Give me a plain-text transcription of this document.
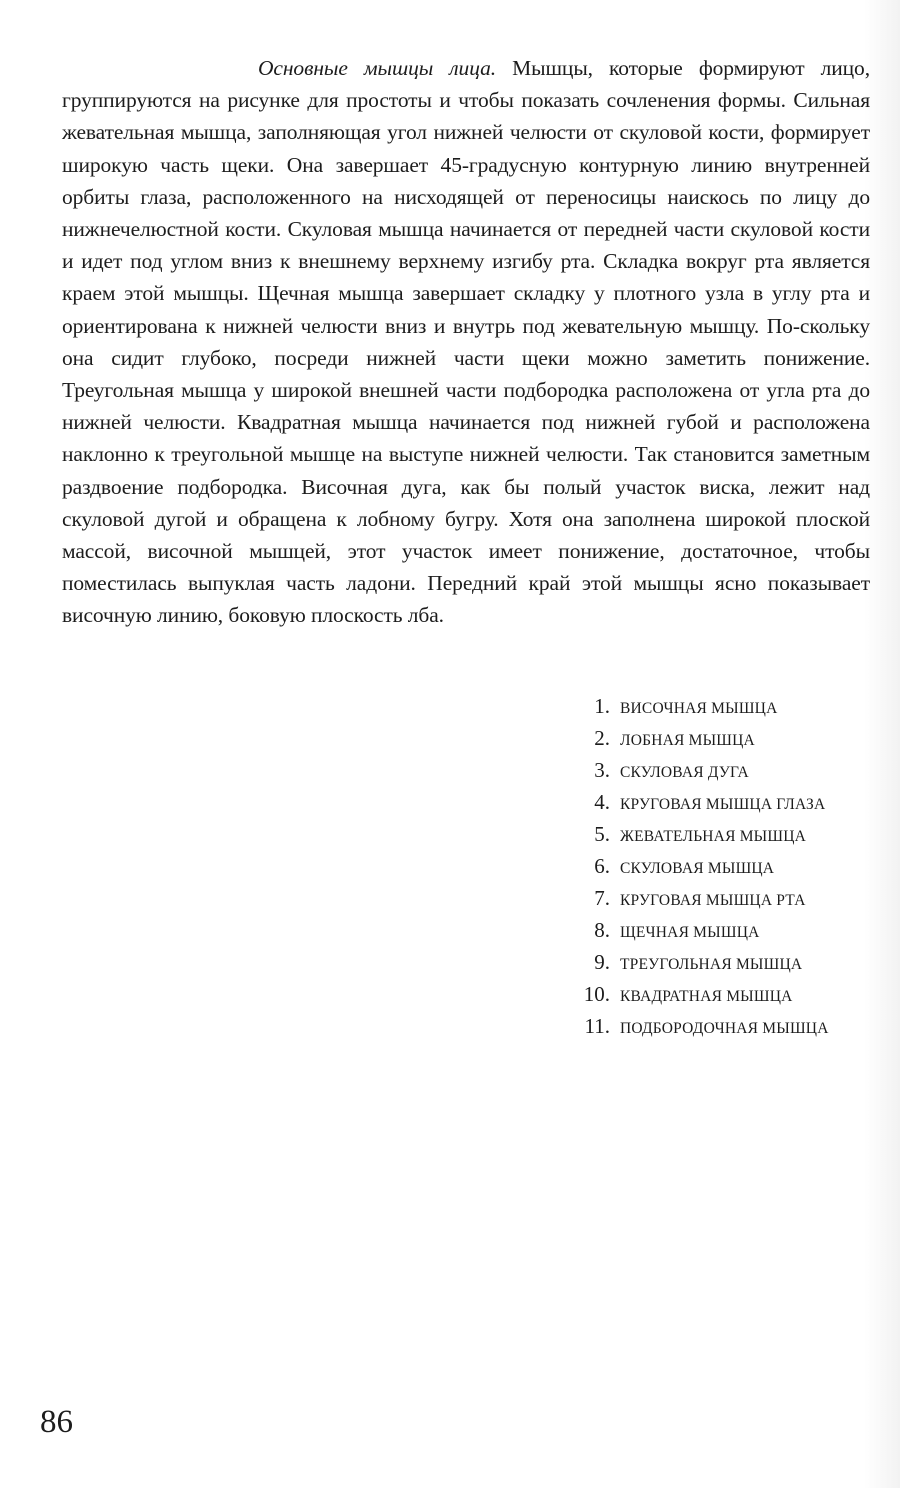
Основные мышцы лица. Мышцы, которые формируют лицо, группируются на рисунке для простоты и чтобы показать сочленения формы. Сильная жевательная мышца, заполняющая угол нижней челюсти от скуловой кости, формирует широкую часть щеки. Она завершает 45-градусную контурную линию внутренней орбиты глаза, расположенного на нисходящей от переносицы наискось по лицу до нижнечелюстной кости. Скуловая мышца начинается от передней части скуловой кости и идет под углом вниз к внешнему верхнему изгибу рта. Складка вокруг рта является краем этой мышцы. Щечная мышца завершает складку у плотного узла в углу рта и ориентирована к нижней челюсти вниз и внутрь под жевательную мышцу. По-скольку она сидит глубоко, посреди нижней части щеки можно заметить понижение. Треугольная мышца у широкой внешней части подбородка расположена от угла рта до нижней челюсти. Квадратная мышца начинается под нижней губой и расположена наклонно к треугольной мышце на выступе нижней челюсти. Так становится заметным раздвоение подбородка. Височная дуга, как бы полый участок виска, лежит над скуловой дугой и обращена к лобному бугру. Хотя она заполнена широкой плоской массой, височной мышцей, этот участок имеет понижение, достаточное, чтобы поместилась выпуклая часть ладони. Передний край этой мышцы ясно показывает височную линию, боковую плоскость лба.

1. ВИСОЧНАЯ МЫШЦА
2. ЛОБНАЯ МЫШЦА
3. СКУЛОВАЯ ДУГА
4. КРУГОВАЯ МЫШЦА ГЛАЗА
5. ЖЕВАТЕЛЬНАЯ МЫШЦА
6. СКУЛОВАЯ МЫШЦА
7. КРУГОВАЯ МЫШЦА РТА
8. ЩЕЧНАЯ МЫШЦА
9. ТРЕУГОЛЬНАЯ МЫШЦА
10. КВАДРАТНАЯ МЫШЦА
11. ПОДБОРОДОЧНАЯ МЫШЦА
86
